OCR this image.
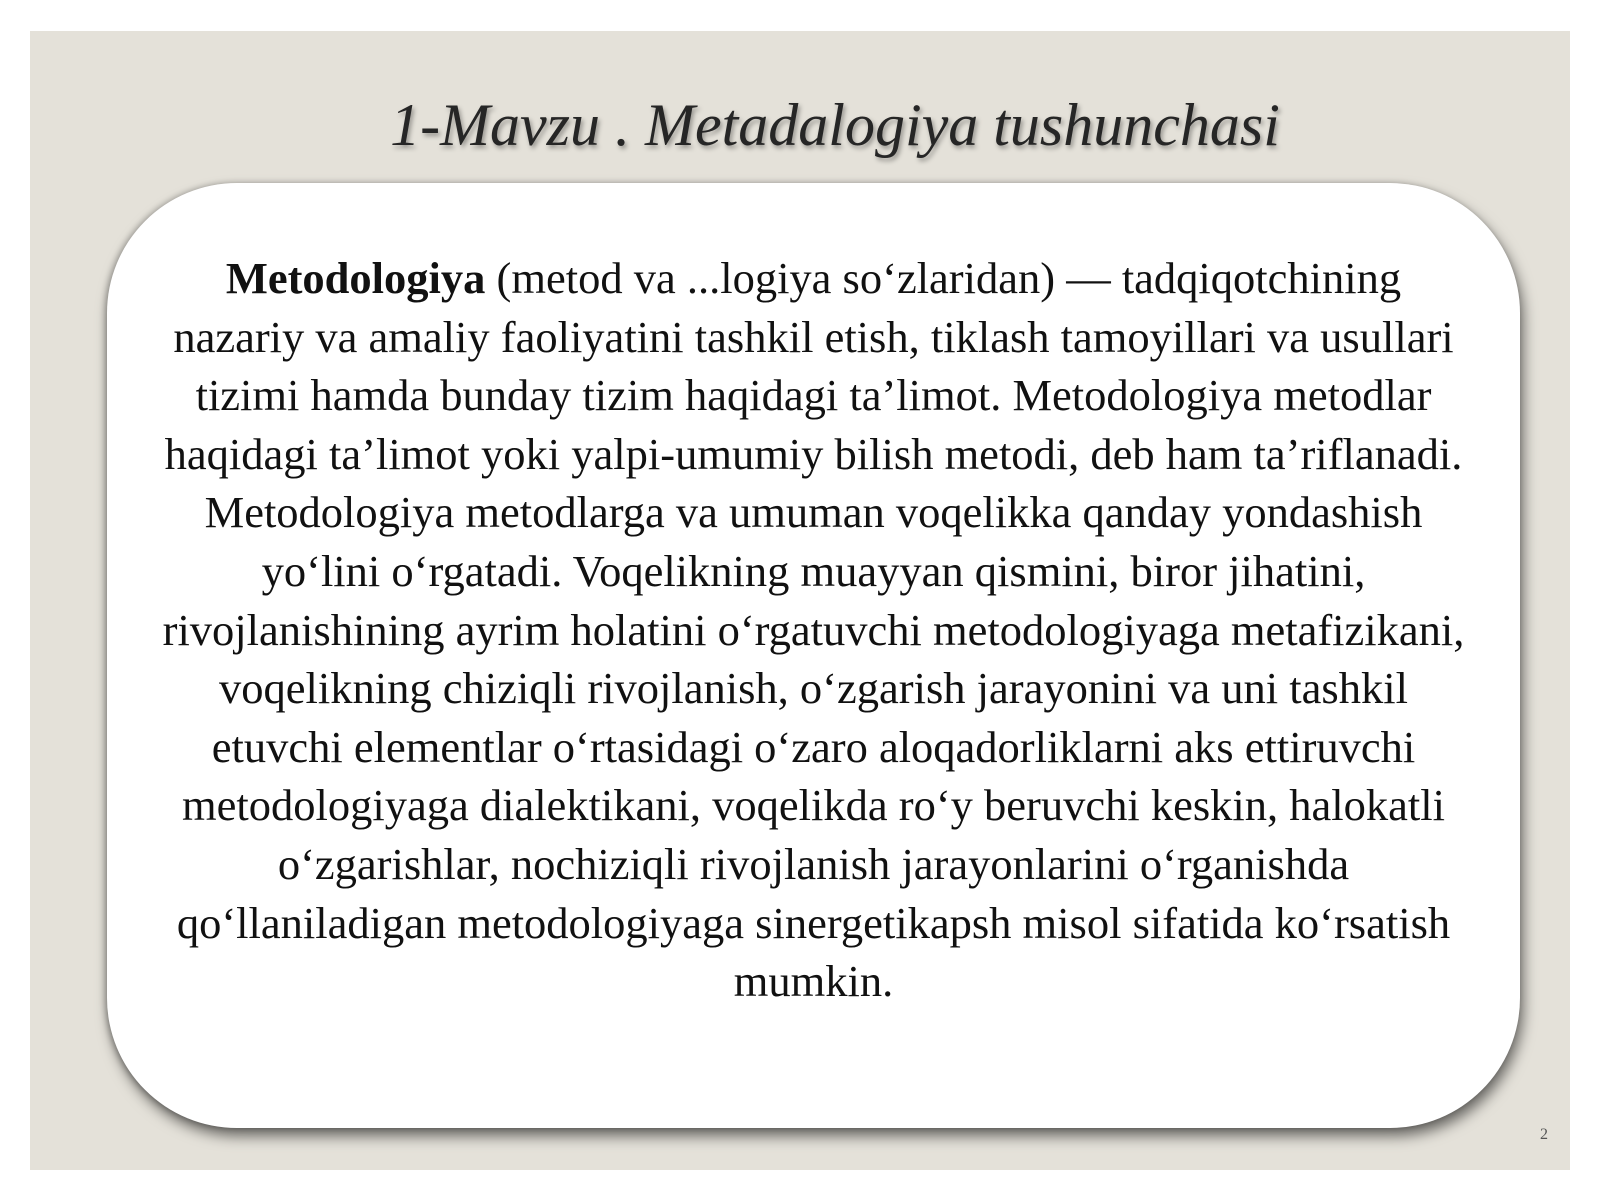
1-Mavzu . Metadalogiya tushunchasi

Metodologiya (metod va ...logiya so‘zlaridan) — tadqiqotchining nazariy va amaliy faoliyatini tashkil etish, tiklash tamoyillari va usullari tizimi hamda bunday tizim haqidagi ta’limot. Metodologiya metodlar haqidagi ta’limot yoki yalpi-umumiy bilish metodi, deb ham ta’riflanadi. Metodologiya metodlarga va umuman voqelikka qanday yondashish yo‘lini o‘rgatadi. Voqelikning muayyan qismini, biror jihatini, rivojlanishining ayrim holatini o‘rgatuvchi metodologiyaga metafizikani, voqelikning chiziqli rivojlanish, o‘zgarish jarayonini va uni tashkil etuvchi elementlar o‘rtasidagi o‘zaro aloqadorliklarni aks ettiruvchi metodologiyaga dialektikani, voqelikda ro‘y beruvchi keskin, halokatli o‘zgarishlar, nochiziqli rivojlanish jarayonlarini o‘rganishda qo‘llaniladigan metodologiyaga sinergetikapsh misol sifatida ko‘rsatish mumkin.

2
